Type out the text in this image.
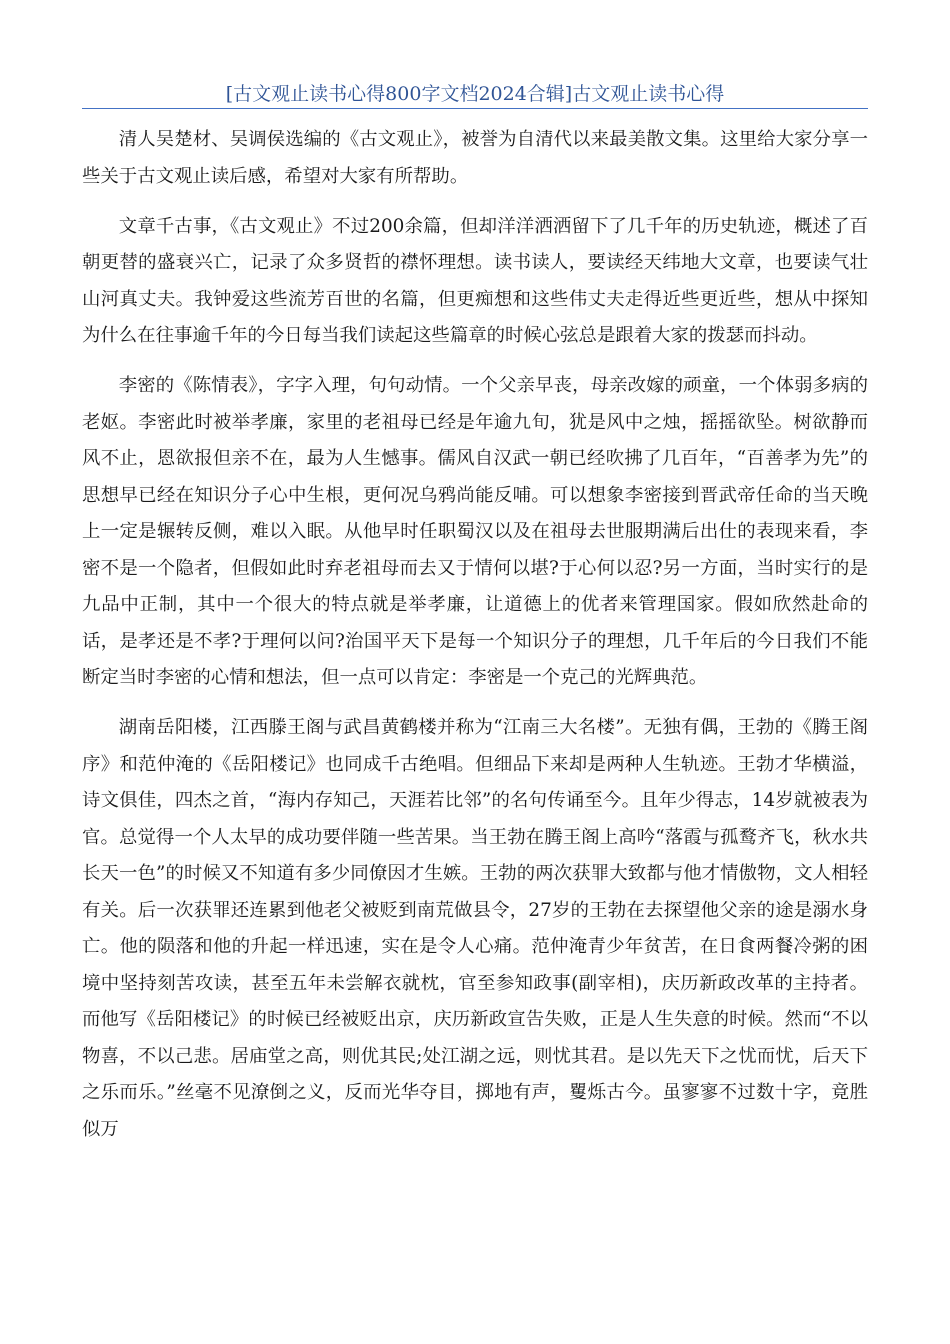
[古文观止读书心得800字文档2024合辑]古文观止读书心得

清人吴楚材、吴调侯选编的《古文观止》，被誉为自清代以来最美散文集。这里给大家分享一些关于古文观止读后感，希望对大家有所帮助。

文章千古事，《古文观止》不过200余篇，但却洋洋洒洒留下了几千年的历史轨迹，概述了百朝更替的盛衰兴亡，记录了众多贤哲的襟怀理想。读书读人，要读经天纬地大文章，也要读气壮山河真丈夫。我钟爱这些流芳百世的名篇，但更痴想和这些伟丈夫走得近些更近些，想从中探知为什么在往事逾千年的今日每当我们读起这些篇章的时候心弦总是跟着大家的拨瑟而抖动。

李密的《陈情表》，字字入理，句句动情。一个父亲早丧，母亲改嫁的顽童，一个体弱多病的老妪。李密此时被举孝廉，家里的老祖母已经是年逾九旬，犹是风中之烛，摇摇欲坠。树欲静而风不止，恩欲报但亲不在，最为人生憾事。儒风自汉武一朝已经吹拂了几百年，“百善孝为先”的思想早已经在知识分子心中生根，更何况乌鸦尚能反哺。可以想象李密接到晋武帝任命的当天晚上一定是辗转反侧，难以入眠。从他早时任职蜀汉以及在祖母去世服期满后出仕的表现来看，李密不是一个隐者，但假如此时弃老祖母而去又于情何以堪?于心何以忍?另一方面，当时实行的是九品中正制，其中一个很大的特点就是举孝廉，让道德上的优者来管理国家。假如欣然赴命的话，是孝还是不孝?于理何以问?治国平天下是每一个知识分子的理想，几千年后的今日我们不能断定当时李密的心情和想法，但一点可以肯定：李密是一个克己的光辉典范。

湖南岳阳楼，江西滕王阁与武昌黄鹤楼并称为“江南三大名楼”。无独有偶，王勃的《腾王阁序》和范仲淹的《岳阳楼记》也同成千古绝唱。但细品下来却是两种人生轨迹。王勃才华横溢，诗文俱佳，四杰之首，“海内存知己，天涯若比邻”的名句传诵至今。且年少得志，14岁就被表为官。总觉得一个人太早的成功要伴随一些苦果。当王勃在腾王阁上高吟“落霞与孤鹜齐飞，秋水共长天一色”的时候又不知道有多少同僚因才生嫉。王勃的两次获罪大致都与他才情傲物，文人相轻有关。后一次获罪还连累到他老父被贬到南荒做县令，27岁的王勃在去探望他父亲的途是溺水身亡。他的陨落和他的升起一样迅速，实在是令人心痛。范仲淹青少年贫苦，在日食两餐冷粥的困境中坚持刻苦攻读，甚至五年未尝解衣就枕，官至参知政事(副宰相)，庆历新政改革的主持者。而他写《岳阳楼记》的时候已经被贬出京，庆历新政宣告失败，正是人生失意的时候。然而“不以物喜，不以己悲。居庙堂之高，则优其民;处江湖之远，则忧其君。是以先天下之忧而忧，后天下之乐而乐。”丝毫不见潦倒之义，反而光华夺目，掷地有声，矍烁古今。虽寥寥不过数十字，竟胜似万
